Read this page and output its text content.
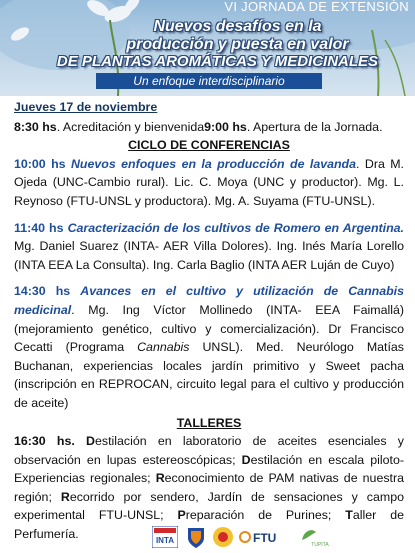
VI JORNADA DE EXTENSIÓN
Nuevos desafíos en la
producción y puesta en valor
DE PLANTAS AROMÁTICAS Y MEDICINALES
Un enfoque interdisciplinario
Jueves 17 de noviembre
8:30 hs. Acreditación y bienvenida9:00 hs. Apertura de la Jornada.
CICLO DE CONFERENCIAS
10:00 hs Nuevos enfoques en la producción de lavanda. Dra M. Ojeda (UNC-Cambio rural). Lic. C. Moya (UNC y productor). Mg. L. Reynoso (FTU-UNSL y productora). Mg. A. Suyama (FTU-UNSL).
11:40 hs Caracterización de los cultivos de Romero en Argentina. Mg. Daniel Suarez (INTA- AER Villa Dolores). Ing. Inés María Lorello (INTA EEA La Consulta). Ing. Carla Baglio (INTA AER Luján de Cuyo)
14:30 hs Avances en el cultivo y utilización de Cannabis medicinal. Mg. Ing Víctor Mollinedo (INTA- EEA Faimallá) (mejoramiento genético, cultivo y comercialización). Dr Francisco Cecatti (Programa Cannabis UNSL). Med. Neurólogo Matías Buchanan, experiencias locales jardín primitivo y Sweet pacha (inscripción en REPROCAN, circuito legal para el cultivo y producción de aceite)
TALLERES
16:30 hs. Destilación en laboratorio de aceites esenciales y observación en lupas estereoscópicas; Destilación en escala piloto-Experiencias regionales; Reconocimiento de PAM nativas de nuestra región; Recorrido por sendero, Jardín de sensaciones y campo experimental FTU-UNSL; Preparación de Purines; Taller de Perfumería.	INTA	FTU	TUPITA
